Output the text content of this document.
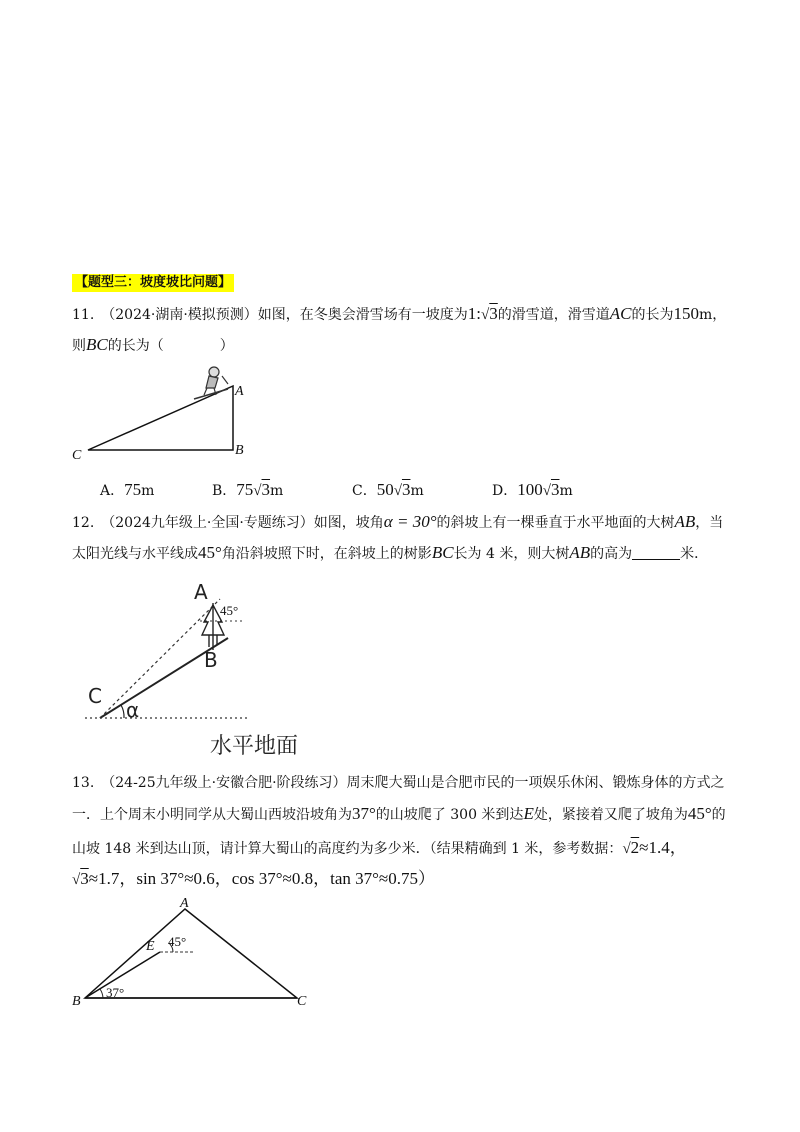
【题型三：坡度坡比问题】
11.　（2024·湖南·模拟预测）如图，在冬奥会滑雪场有一坡度为1:√3的滑雪道，滑雪道AC的长为150m，
则BC的长为（　　　　）
A
B
C
A．75m	B．75√3m	C．50√3m	D．100√3m
12.　（2024九年级上·全国·专题练习）如图，坡角α = 30°的斜坡上有一棵垂直于水平地面的大树AB，当
太阳光线与水平线成45°角沿斜坡照下时，在斜坡上的树影BC长为 4 米，则大树AB的高为	米．
A
45°
B
C
α
水平地面
13.　（24-25九年级上·安徽合肥·阶段练习）周末爬大蜀山是合肥市民的一项娱乐休闲、锻炼身体的方式之
一．上个周末小明同学从大蜀山西坡沿坡角为37°的山坡爬了 300 米到达E处，紧接着又爬了坡角为45°的
山坡 148 米到达山顶，请计算大蜀山的高度约为多少米．（结果精确到 1 米，参考数据：√2≈1.4，
√3≈1.7，sin 37°≈0.6，cos 37°≈0.8，tan 37°≈0.75）
A
E 45°
B
37°
C
